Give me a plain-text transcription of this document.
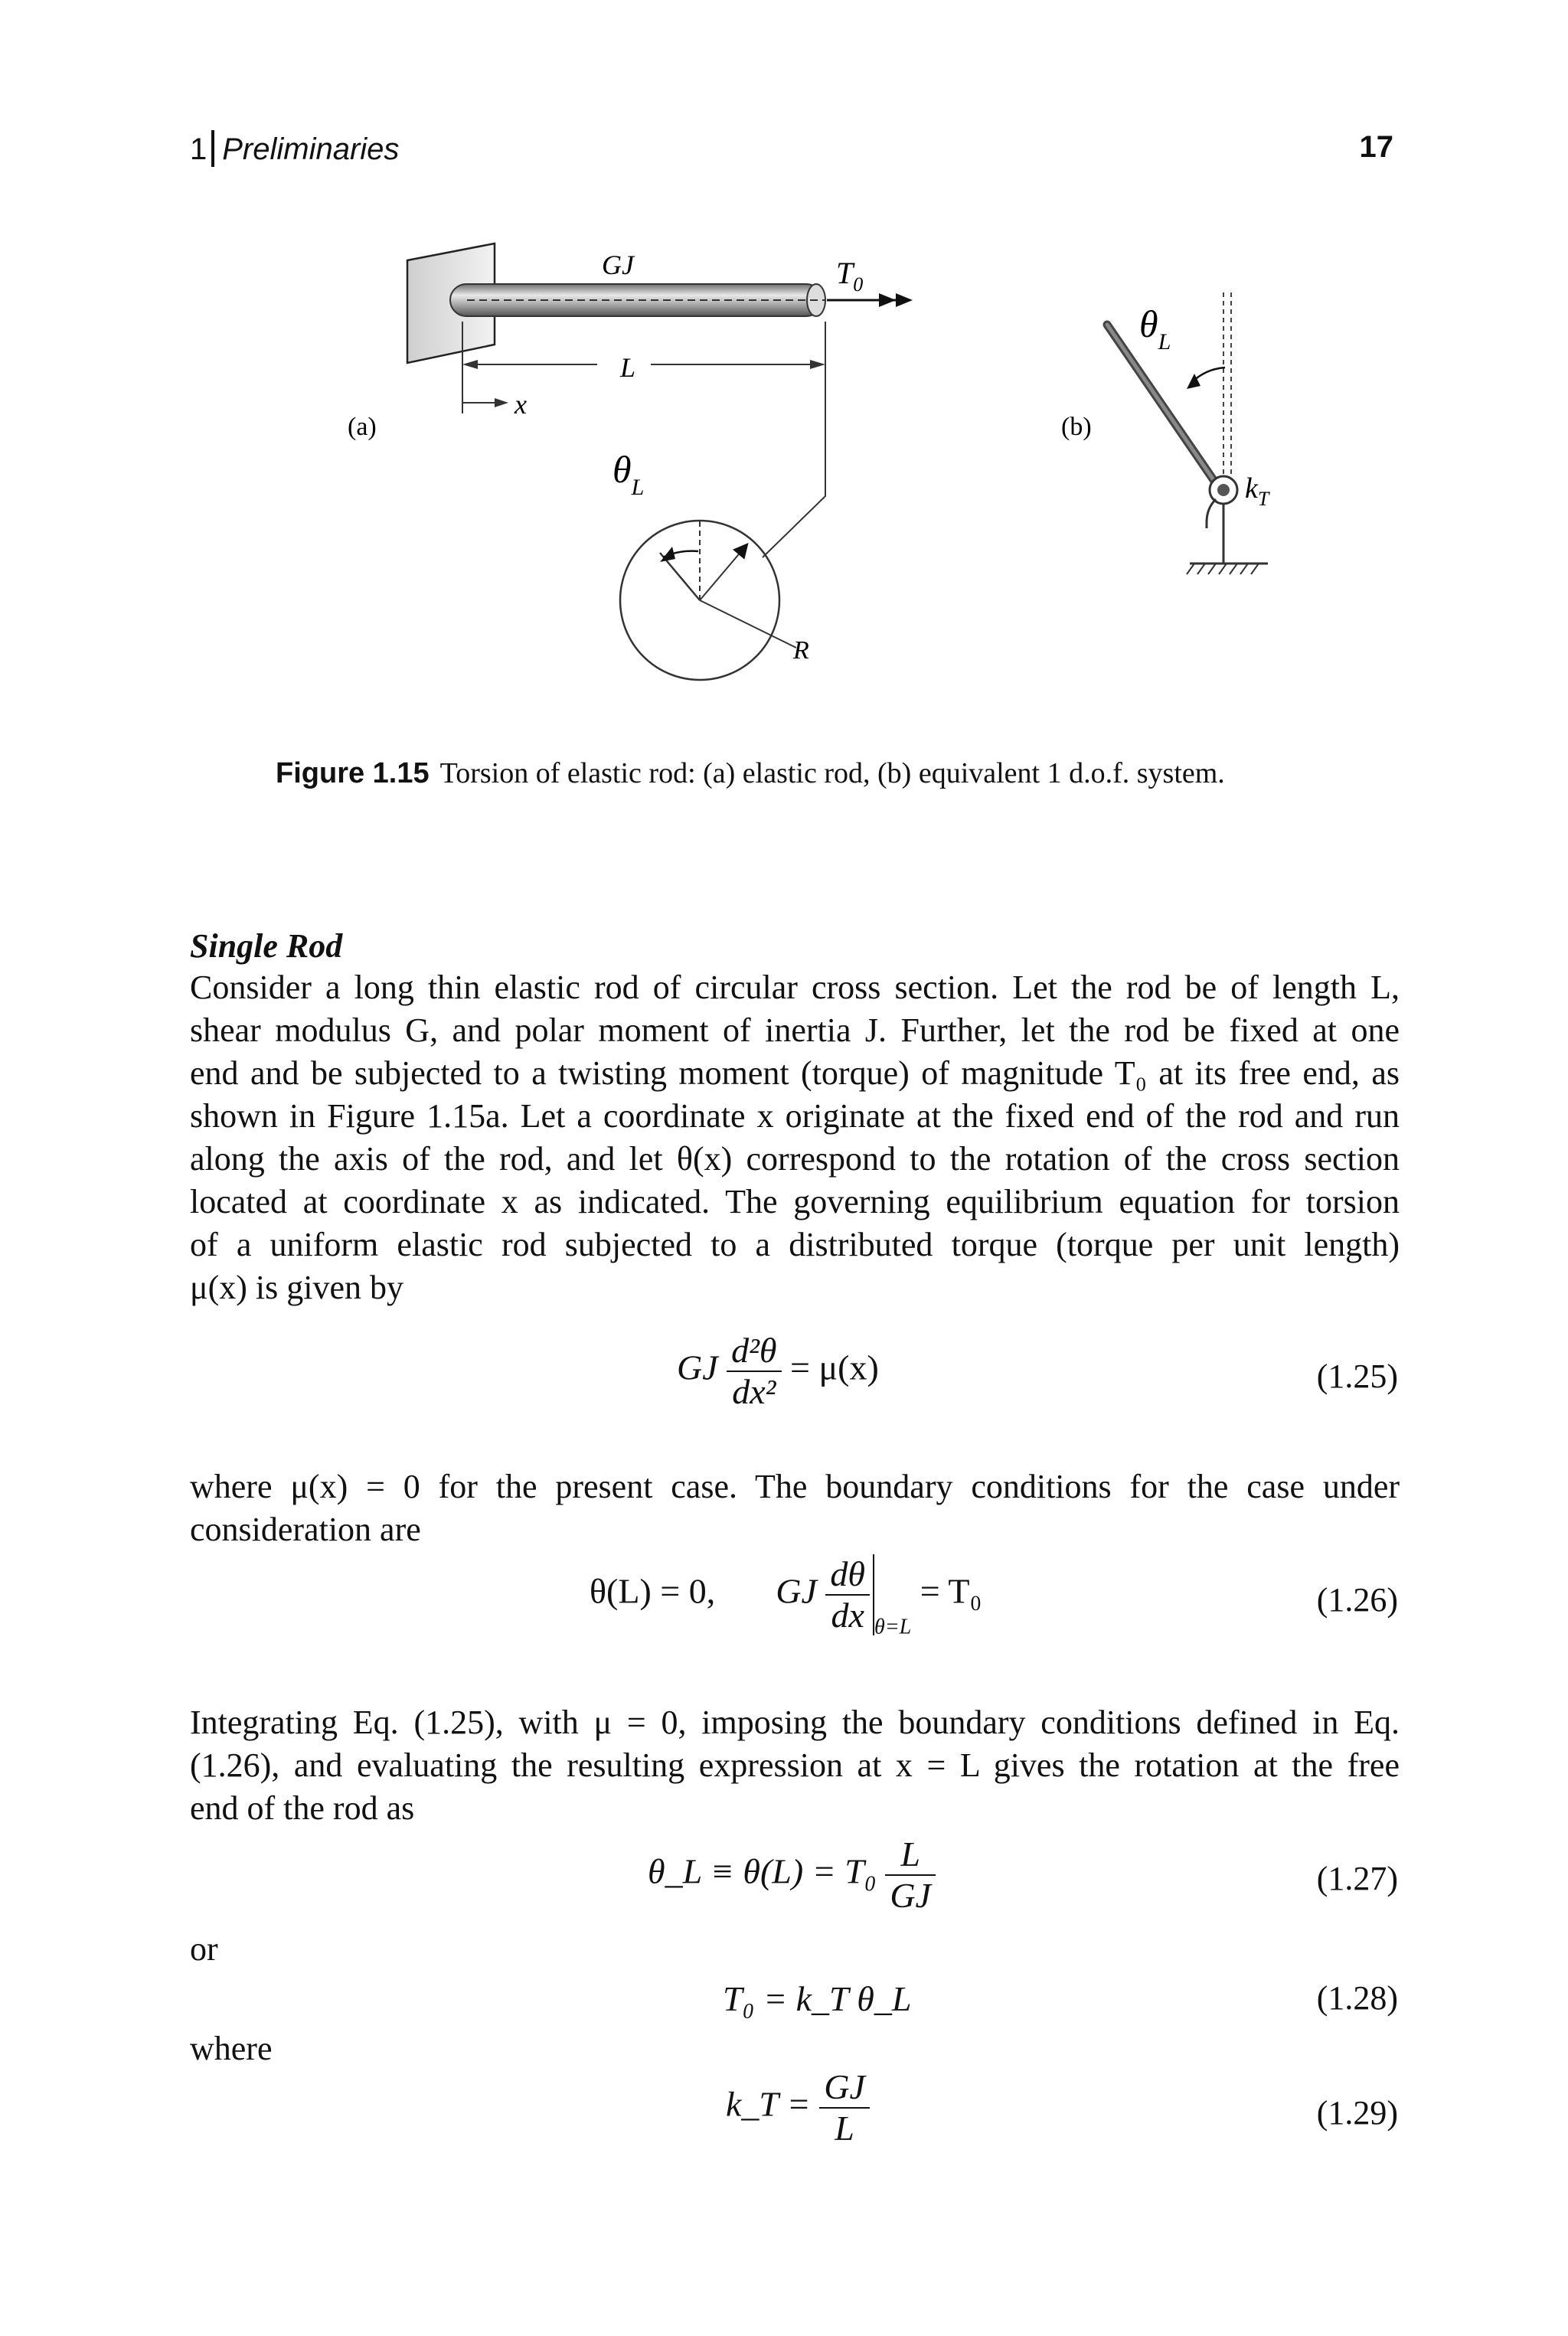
1 Preliminaries	17
GJ	$T_0$
L
x
(a)
$\theta_L$
R
(b)
$\theta_L$
$k_T$
Figure 1.15 Torsion of elastic rod: (a) elastic rod, (b) equivalent 1 d.o.f. system.
Single Rod
Consider a long thin elastic rod of circular cross section. Let the rod be of length L,
shear modulus G, and polar moment of inertia J. Further, let the rod be fixed at one
end and be subjected to a twisting moment (torque) of magnitude T₀ at its free end, as
shown in Figure 1.15a. Let a coordinate x originate at the fixed end of the rod and run
along the axis of the rod, and let θ(x) correspond to the rotation of the cross section
located at coordinate x as indicated. The governing equilibrium equation for torsion
of a uniform elastic rod subjected to a distributed torque (torque per unit length)
μ(x) is given by
GJ $\frac{\text{d²θ}}{\text{dx²}} = \mu(x)$	(1.25)
where μ(x) = 0 for the present case. The boundary conditions for the case under
consideration are
θ(L) = 0, GJ $\frac{d\theta}{dx} _{\theta=L} = T_0$	(1.26)
Integrating Eq. (1.25), with μ = 0, imposing the boundary conditions defined in Eq.
(1.26), and evaluating the resulting expression at x = L gives the rotation at the free
end of the rod as
θ_L ≡ $\theta(L) = T_0 \frac{L}{GJ}$	(1.27)
or
T₀ = k_T θ_L	(1.28)
where
k_T = $\frac{GJ}{L}$	(1.29)
